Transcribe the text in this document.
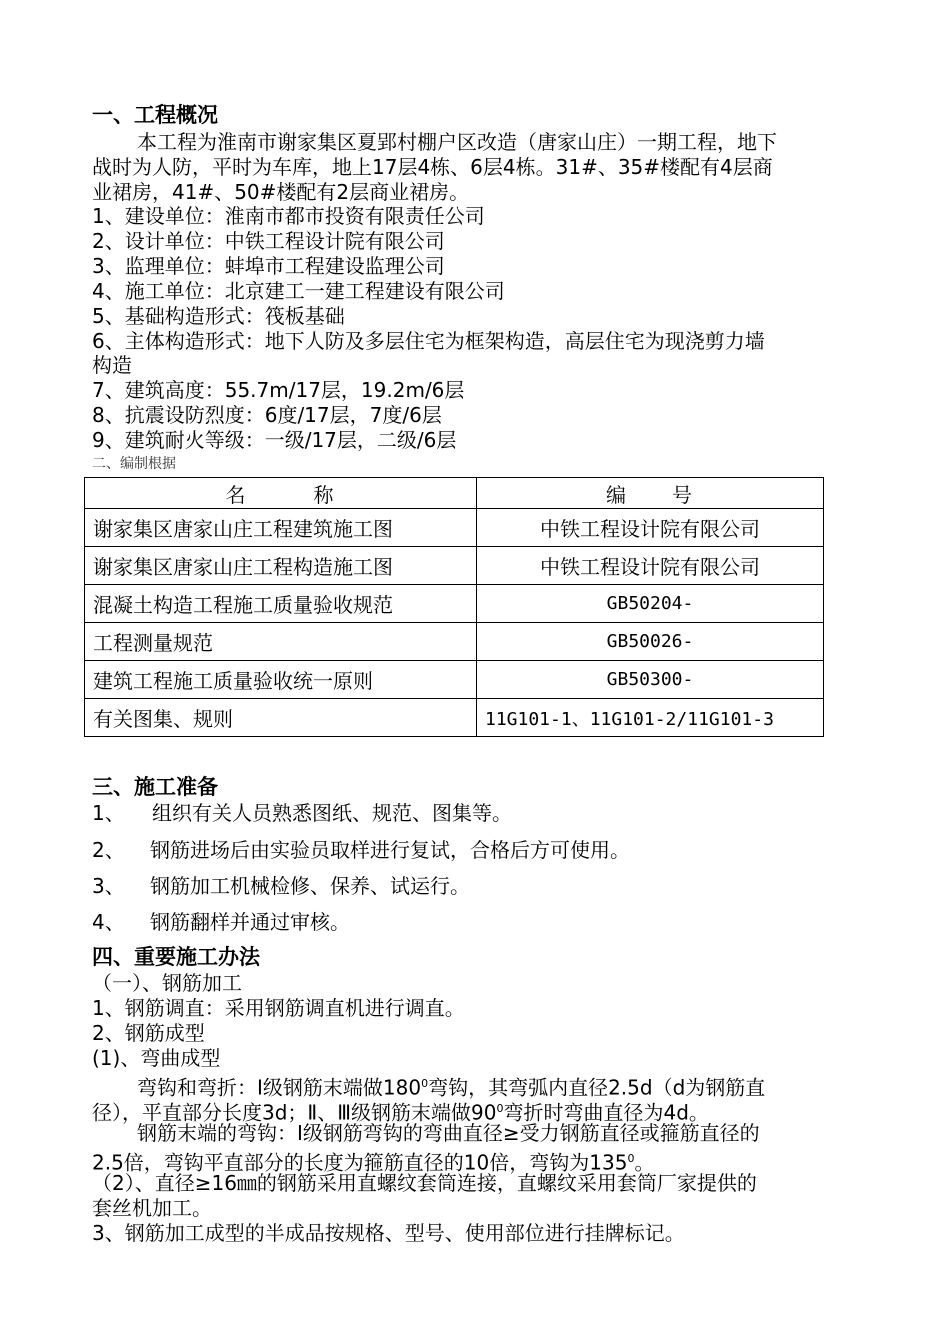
一、工程概况
本工程为淮南市谢家集区夏郢村棚户区改造（唐家山庄）一期工程，地下
战时为人防，平时为车库，地上17层4栋、6层4栋。31#、35#楼配有4层商
业裙房，41#、50#楼配有2层商业裙房。
1、建设单位：淮南市都市投资有限责任公司
2、设计单位：中铁工程设计院有限公司
3、监理单位：蚌埠市工程建设监理公司
4、施工单位：北京建工一建工程建设有限公司
5、基础构造形式：筏板基础
6、主体构造形式：地下人防及多层住宅为框架构造，高层住宅为现浇剪力墙
构造
7、建筑高度：55.7m/17层，19.2m/6层
8、抗震设防烈度：6度/17层，7度/6层
9、建筑耐火等级：一级/17层，二级/6层
二、编制根据
名　　　称	编　　号
谢家集区唐家山庄工程建筑施工图	中铁工程设计院有限公司
谢家集区唐家山庄工程构造施工图	中铁工程设计院有限公司
混凝土构造工程施工质量验收规范	GB50204-
工程测量规范	GB50026-
建筑工程施工质量验收统一原则	GB50300-
有关图集、规则	11G101-1、11G101-2/11G101-3
三、施工准备
1、 组织有关人员熟悉图纸、规范、图集等。
2、 钢筋进场后由实验员取样进行复试，合格后方可使用。
3、 钢筋加工机械检修、保养、试运行。
4、 钢筋翻样并通过审核。
四、重要施工办法
（一）、钢筋加工
1、钢筋调直：采用钢筋调直机进行调直。
2、钢筋成型
(1)、弯曲成型
弯钩和弯折：Ⅰ级钢筋末端做$180^0$弯钩，其弯弧内直径2.5d（d为钢筋直
径），平直部分长度3d；Ⅱ、Ⅲ级钢筋末端做$90^0$弯折时弯曲直径为4d。
钢筋末端的弯钩：Ⅰ级钢筋弯钩的弯曲直径≥受力钢筋直径或箍筋直径的
2.5倍，弯钩平直部分的长度为箍筋直径的10倍，弯钩为$135^0$。
（2）、直径≥16㎜的钢筋采用直螺纹套筒连接，直螺纹采用套筒厂家提供的
套丝机加工。
3、钢筋加工成型的半成品按规格、型号、使用部位进行挂牌标记。
